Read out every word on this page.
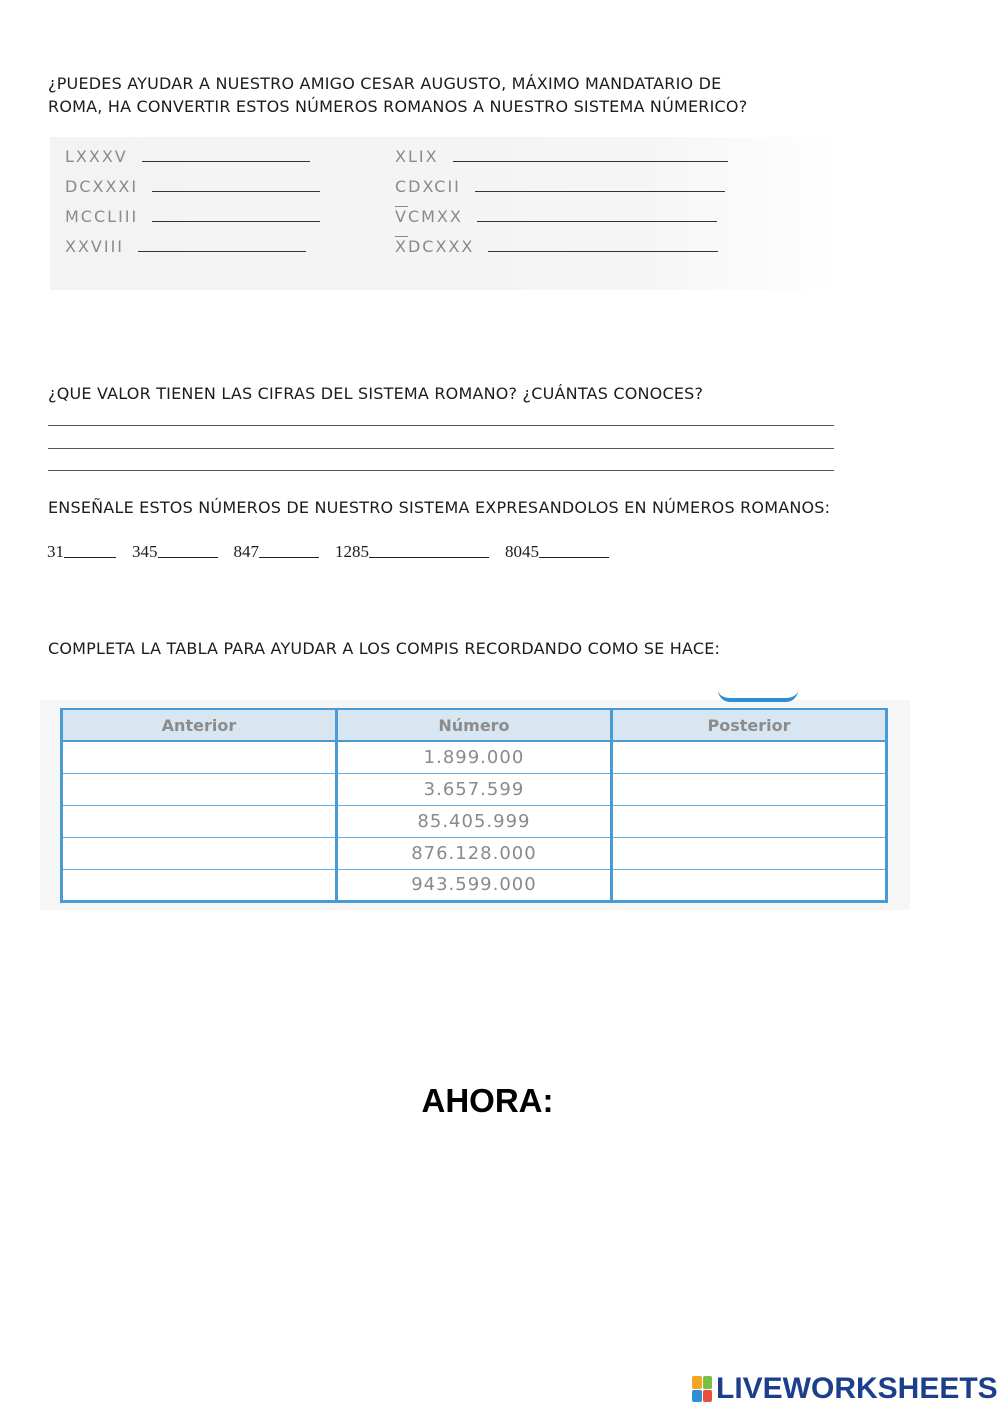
¿PUEDES AYUDAR A NUESTRO AMIGO CESAR AUGUSTO, MÁXIMO MANDATARIO DE
ROMA, HA CONVERTIR ESTOS NÚMEROS ROMANOS A NUESTRO SISTEMA NÚMERICO?
LXXXV
DCXXXI
MCCLIII
XXVIII
XLIX
CDXCII
$\overline{V}CMXX$
$\overline{X}DCXXX$
¿QUE VALOR TIENEN LAS CIFRAS DEL SISTEMA ROMANO? ¿CUÁNTAS CONOCES?
ENSEÑALE ESTOS NÚMEROS DE NUESTRO SISTEMA EXPRESANDOLOS EN NÚMEROS ROMANOS:
31	345	847	1285	8045
COMPLETA LA TABLA PARA AYUDAR A LOS COMPIS RECORDANDO COMO SE HACE:
Anterior	Número	Posterior
	1.899.000	
	3.657.599	
	85.405.999	
	876.128.000	
	943.599.000	
AHORA:
LIVEWORKSHEETS
